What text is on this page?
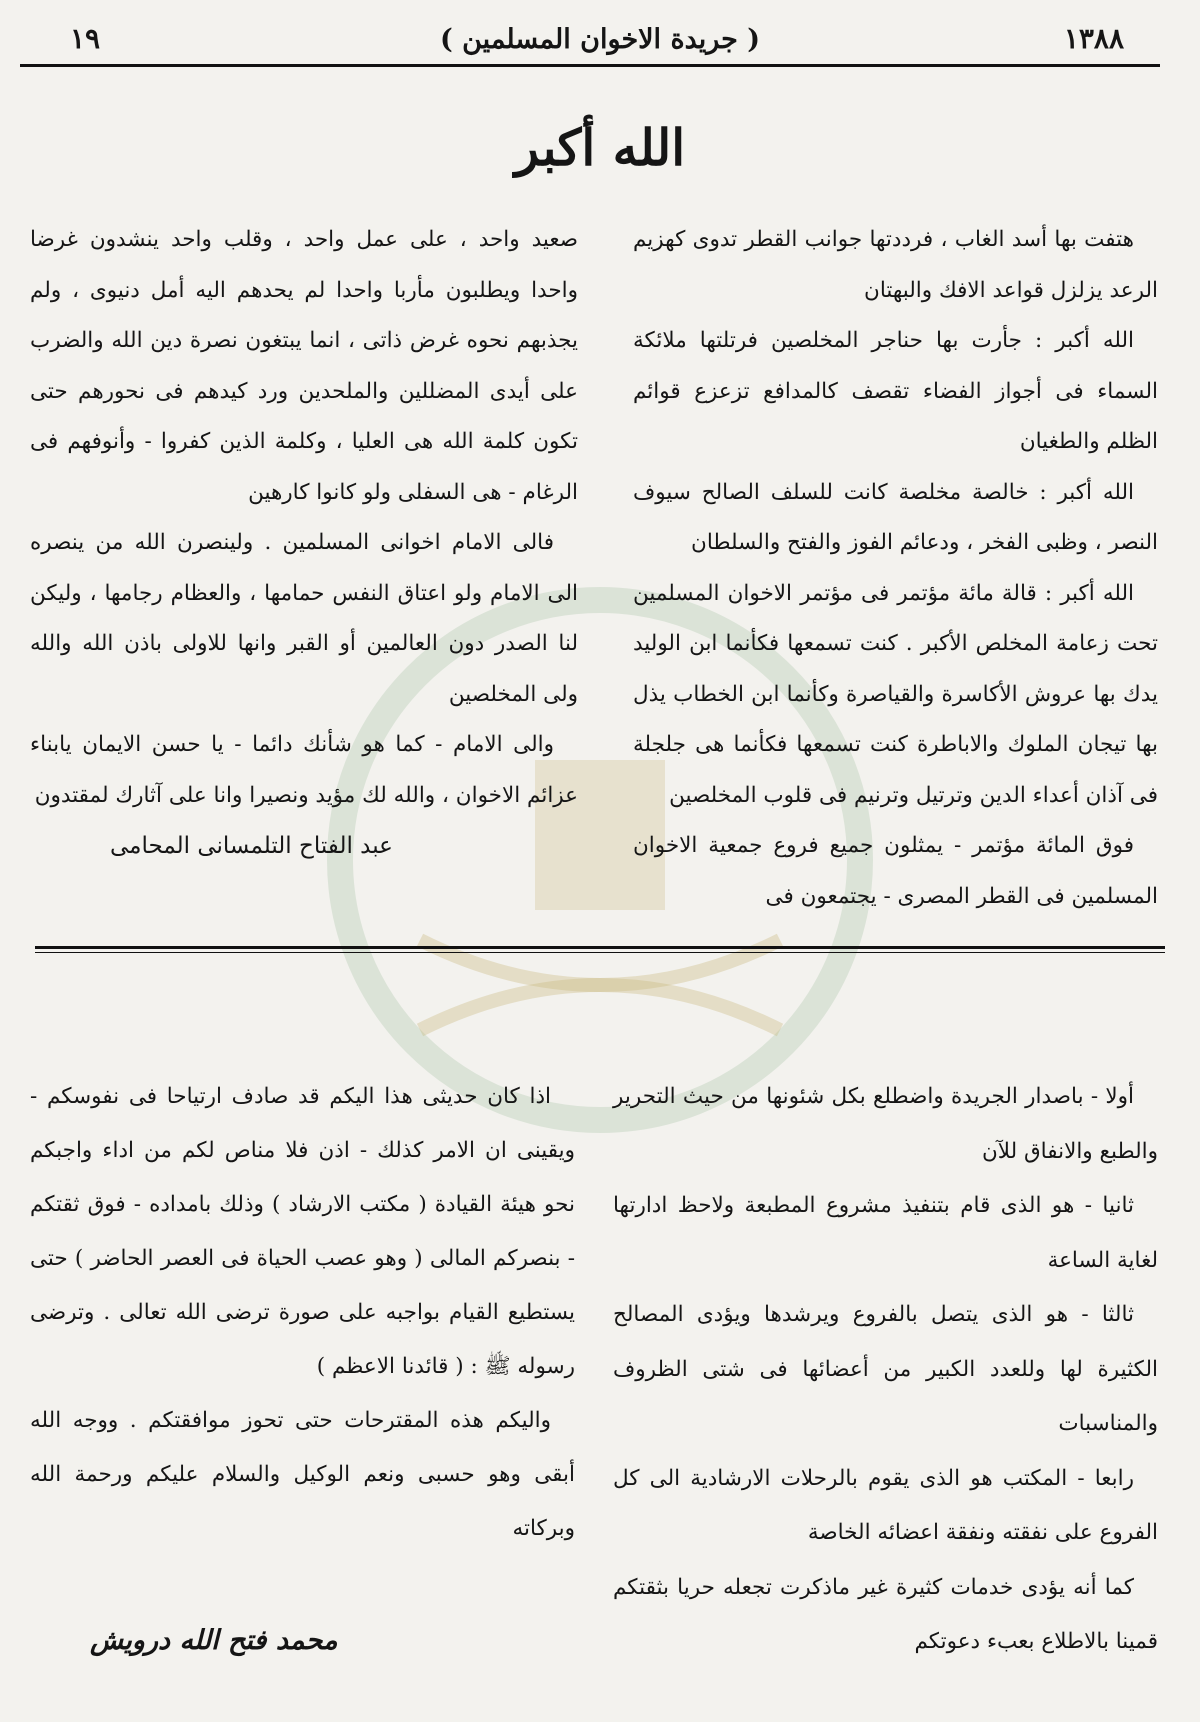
١٩	( جريدة الاخوان المسلمين )	١٣٨٨
الله أكبر

هتفت بها أسد الغاب ، فرددتها جوانب القطر تدوى كهزيم الرعد يزلزل قواعد الافك والبهتان

الله أكبر : جأرت بها حناجر المخلصين فرتلتها ملائكة السماء فى أجواز الفضاء تقصف كالمدافع تزعزع قوائم الظلم والطغيان

الله أكبر : خالصة مخلصة كانت للسلف الصالح سيوف النصر ، وظبى الفخر ، ودعائم الفوز والفتح والسلطان

الله أكبر : قالة مائة مؤتمر فى مؤتمر الاخوان المسلمين تحت زعامة المخلص الأكبر . كنت تسمعها فكأنما ابن الوليد يدك بها عروش الأكاسرة والقياصرة وكأنما ابن الخطاب يذل بها تيجان الملوك والاباطرة كنت تسمعها فكأنما هى جلجلة فى آذان أعداء الدين وترتيل وترنيم فى قلوب المخلصين

فوق المائة مؤتمر - يمثلون جميع فروع جمعية الاخوان المسلمين فى القطر المصرى - يجتمعون فى

صعيد واحد ، على عمل واحد ، وقلب واحد ينشدون غرضا واحدا ويطلبون مأربا واحدا لم يحدهم اليه أمل دنيوى ، ولم يجذبهم نحوه غرض ذاتى ، انما يبتغون نصرة دين الله والضرب على أيدى المضللين والملحدين ورد كيدهم فى نحورهم حتى تكون كلمة الله هى العليا ، وكلمة الذين كفروا - وأنوفهم فى الرغام - هى السفلى ولو كانوا كارهين

فالى الامام اخوانى المسلمين . ولينصرن الله من ينصره الى الامام ولو اعتاق النفس حمامها ، والعظام رجامها ، وليكن لنا الصدر دون العالمين أو القبر وانها للاولى باذن الله والله ولى المخلصين

والى الامام - كما هو شأنك دائما - يا حسن الايمان يابناء عزائم الاخوان ، والله لك مؤيد ونصيرا وانا على آثارك لمقتدون

عبد الفتاح التلمسانى المحامى

أولا - باصدار الجريدة واضطلع بكل شئونها من حيث التحرير والطبع والانفاق للآن

ثانيا - هو الذى قام بتنفيذ مشروع المطبعة ولاحظ ادارتها لغاية الساعة

ثالثا - هو الذى يتصل بالفروع ويرشدها ويؤدى المصالح الكثيرة لها وللعدد الكبير من أعضائها فى شتى الظروف والمناسبات

رابعا - المكتب هو الذى يقوم بالرحلات الارشادية الى كل الفروع على نفقته ونفقة اعضائه الخاصة

كما أنه يؤدى خدمات كثيرة غير ماذكرت تجعله حريا بثقتكم قمينا بالاطلاع بعبء دعوتكم

اذا كان حديثى هذا اليكم قد صادف ارتياحا فى نفوسكم - ويقينى ان الامر كذلك - اذن فلا مناص لكم من اداء واجبكم نحو هيئة القيادة ( مكتب الارشاد ) وذلك بامداده - فوق ثقتكم - بنصركم المالى ( وهو عصب الحياة فى العصر الحاضر ) حتى يستطيع القيام بواجبه على صورة ترضى الله تعالى . وترضى رسوله ﷺ : ( قائدنا الاعظم )

واليكم هذه المقترحات حتى تحوز موافقتكم . ووجه الله أبقى وهو حسبى ونعم الوكيل والسلام عليكم ورحمة الله وبركاته

محمد فتح الله درويش
